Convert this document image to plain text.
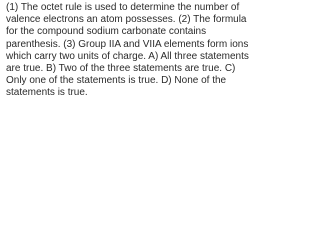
(1) The octet rule is used to determine the number of valence electrons an atom possesses. (2) The formula for the compound sodium carbonate contains parenthesis. (3) Group IIA and VIIA elements form ions which carry two units of charge. A) All three statements are true. B) Two of the three statements are true. C) Only one of the statements is true. D) None of the statements is true.
